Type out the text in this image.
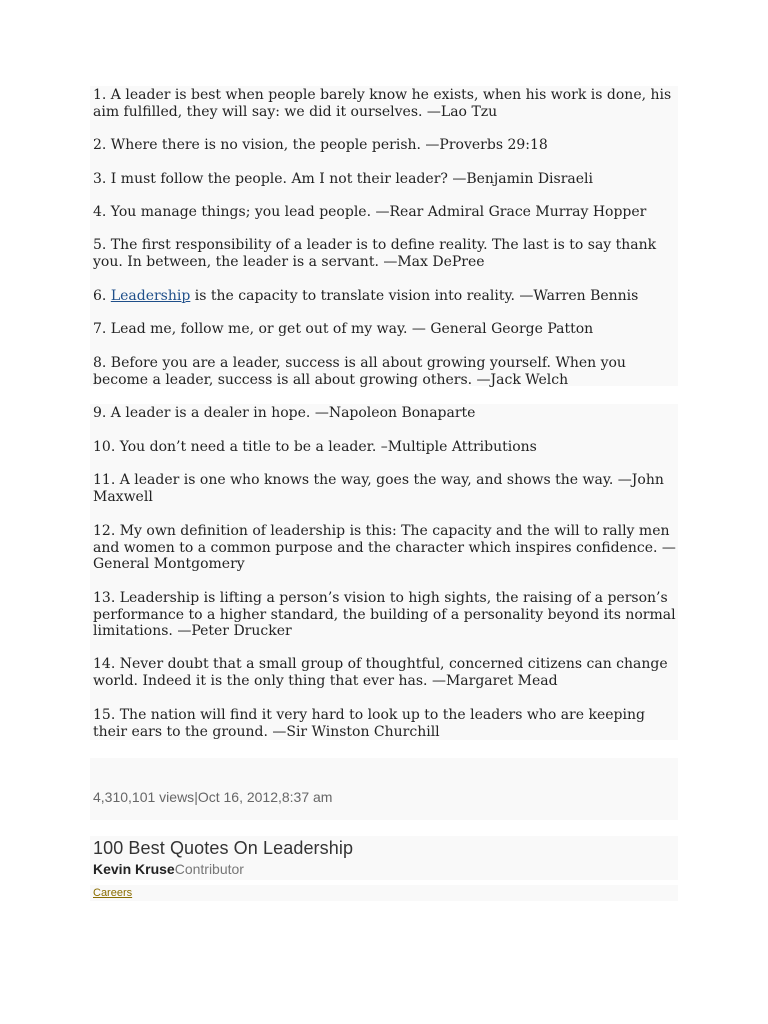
1. A leader is best when people barely know he exists, when his work is done, his aim fulfilled, they will say: we did it ourselves. —Lao Tzu

2. Where there is no vision, the people perish. —Proverbs 29:18

3. I must follow the people. Am I not their leader? —Benjamin Disraeli

4. You manage things; you lead people. —Rear Admiral Grace Murray Hopper

5. The first responsibility of a leader is to define reality. The last is to say thank you. In between, the leader is a servant. —Max DePree

6. Leadership is the capacity to translate vision into reality. —Warren Bennis

7. Lead me, follow me, or get out of my way. — General George Patton

8. Before you are a leader, success is all about growing yourself. When you become a leader, success is all about growing others. —Jack Welch

9. A leader is a dealer in hope. —Napoleon Bonaparte

10. You don’t need a title to be a leader. –Multiple Attributions

11. A leader is one who knows the way, goes the way, and shows the way. —John Maxwell

12. My own definition of leadership is this: The capacity and the will to rally men and women to a common purpose and the character which inspires confidence. —General Montgomery

13. Leadership is lifting a person’s vision to high sights, the raising of a person’s performance to a higher standard, the building of a personality beyond its normal limitations. —Peter Drucker

14. Never doubt that a small group of thoughtful, concerned citizens can change world. Indeed it is the only thing that ever has. —Margaret Mead

15. The nation will find it very hard to look up to the leaders who are keeping their ears to the ground. —Sir Winston Churchill

4,310,101 views|Oct 16, 2012,8:37 am
100 Best Quotes On Leadership
Kevin KruseContributor
Careers
